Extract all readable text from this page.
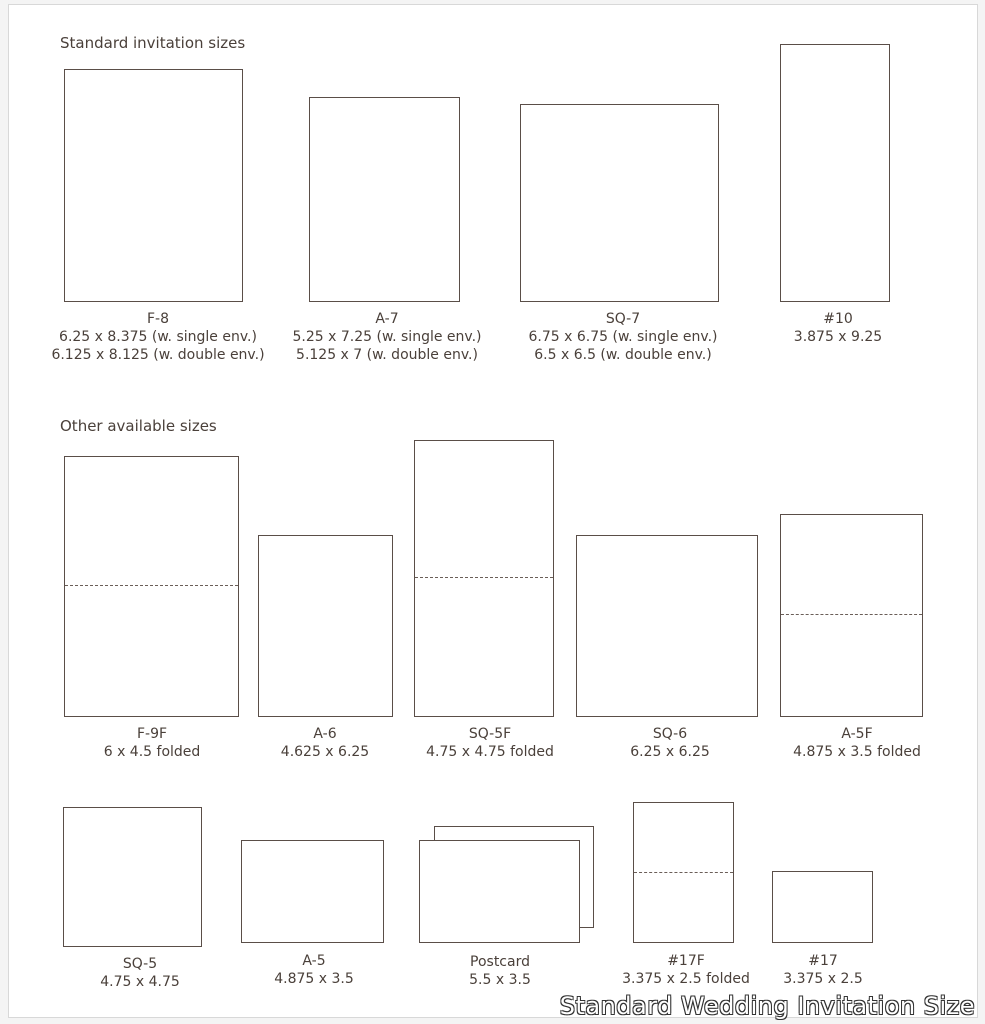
Standard invitation sizes
Other available sizes
F-8
6.25 x 8.375 (w. single env.)
6.125 x 8.125 (w. double env.)
A-7
5.25 x 7.25 (w. single env.)
5.125 x 7 (w. double env.)
SQ-7
6.75 x 6.75 (w. single env.)
6.5 x 6.5 (w. double env.)
#10
3.875 x 9.25
F-9F
6 x 4.5 folded
A-6
4.625 x 6.25
SQ-5F
4.75 x 4.75 folded
SQ-6
6.25 x 6.25
A-5F
4.875 x 3.5 folded
SQ-5
4.75 x 4.75
A-5
4.875 x 3.5
Postcard
5.5 x 3.5
#17F
3.375 x 2.5 folded
#17
3.375 x 2.5
Standard Wedding Invitation Size
